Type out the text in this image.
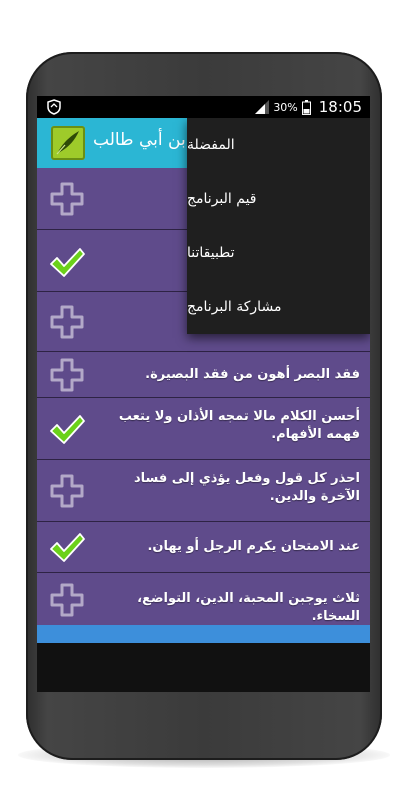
30% 18:05
بن أبي طالب
فقد البصر أهون من فقد البصيرة.
أحسن الكلام مالا تمجه الأذان ولا يتعب فهمه الأفهام.
احذر كل قول وفعل يؤذي إلى فساد الآخرة والدين.
عند الامتحان يكرم الرجل أو يهان.
ثلاث يوجبن المحبة، الدين، التواضع، السخاء.
المفضلة
قيم البرنامج
تطبيقاتنا
مشاركة البرنامج
